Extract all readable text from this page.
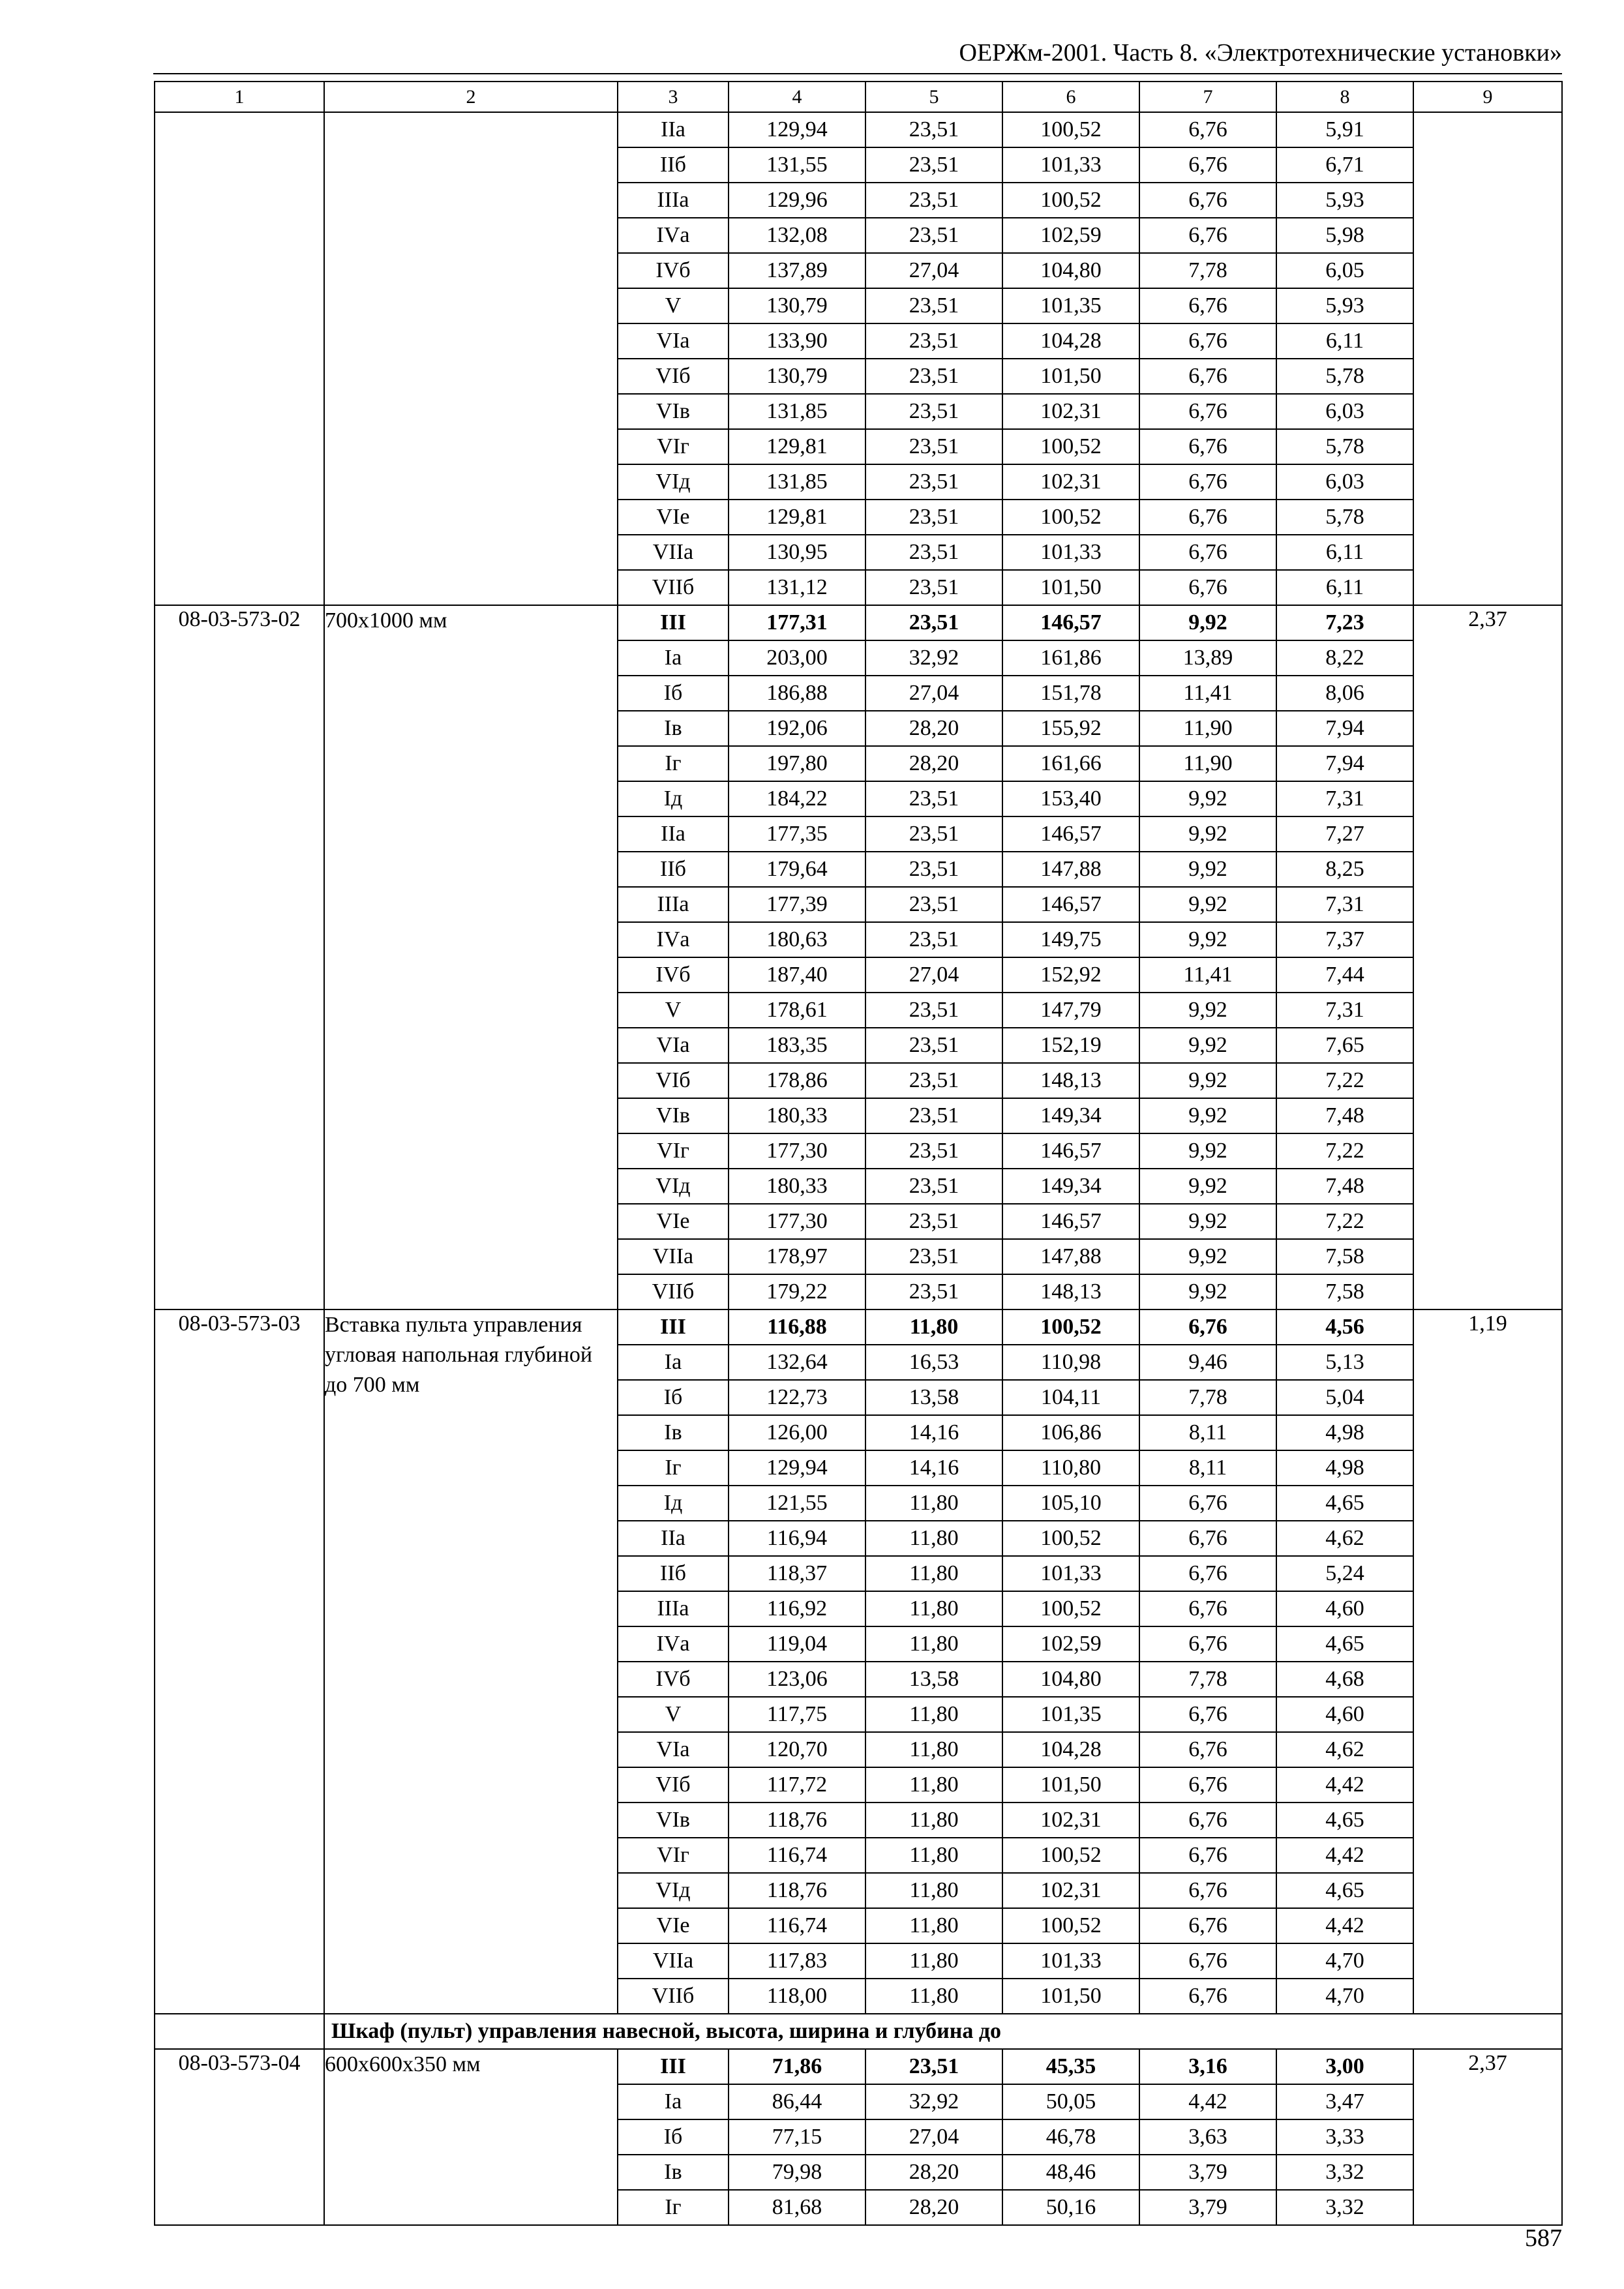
ОЕРЖм-2001. Часть 8. «Электротехнические установки»
1	2	3	4	5	6	7	8	9
		IIа	129,94	23,51	100,52	6,76	5,91	
		IIб	131,55	23,51	101,33	6,76	6,71	
		IIIа	129,96	23,51	100,52	6,76	5,93	
		IVа	132,08	23,51	102,59	6,76	5,98	
		IVб	137,89	27,04	104,80	7,78	6,05	
		V	130,79	23,51	101,35	6,76	5,93	
		VIа	133,90	23,51	104,28	6,76	6,11	
		VIб	130,79	23,51	101,50	6,76	5,78	
		VIв	131,85	23,51	102,31	6,76	6,03	
		VIг	129,81	23,51	100,52	6,76	5,78	
		VIд	131,85	23,51	102,31	6,76	6,03	
		VIе	129,81	23,51	100,52	6,76	5,78	
		VIIа	130,95	23,51	101,33	6,76	6,11	
		VIIб	131,12	23,51	101,50	6,76	6,11	
08-03-573-02	700х1000 мм	III	177,31	23,51	146,57	9,92	7,23	2,37
		Iа	203,00	32,92	161,86	13,89	8,22	
		Iб	186,88	27,04	151,78	11,41	8,06	
		Iв	192,06	28,20	155,92	11,90	7,94	
		Iг	197,80	28,20	161,66	11,90	7,94	
		Iд	184,22	23,51	153,40	9,92	7,31	
		IIа	177,35	23,51	146,57	9,92	7,27	
		IIб	179,64	23,51	147,88	9,92	8,25	
		IIIа	177,39	23,51	146,57	9,92	7,31	
		IVа	180,63	23,51	149,75	9,92	7,37	
		IVб	187,40	27,04	152,92	11,41	7,44	
		V	178,61	23,51	147,79	9,92	7,31	
		VIа	183,35	23,51	152,19	9,92	7,65	
		VIб	178,86	23,51	148,13	9,92	7,22	
		VIв	180,33	23,51	149,34	9,92	7,48	
		VIг	177,30	23,51	146,57	9,92	7,22	
		VIд	180,33	23,51	149,34	9,92	7,48	
		VIе	177,30	23,51	146,57	9,92	7,22	
		VIIа	178,97	23,51	147,88	9,92	7,58	
		VIIб	179,22	23,51	148,13	9,92	7,58	
08-03-573-03	Вставка пульта управления угловая напольная глубиной до 700 мм	III	116,88	11,80	100,52	6,76	4,56	1,19
		Iа	132,64	16,53	110,98	9,46	5,13	
		Iб	122,73	13,58	104,11	7,78	5,04	
		Iв	126,00	14,16	106,86	8,11	4,98	
		Iг	129,94	14,16	110,80	8,11	4,98	
		Iд	121,55	11,80	105,10	6,76	4,65	
		IIа	116,94	11,80	100,52	6,76	4,62	
		IIб	118,37	11,80	101,33	6,76	5,24	
		IIIа	116,92	11,80	100,52	6,76	4,60	
		IVа	119,04	11,80	102,59	6,76	4,65	
		IVб	123,06	13,58	104,80	7,78	4,68	
		V	117,75	11,80	101,35	6,76	4,60	
		VIа	120,70	11,80	104,28	6,76	4,62	
		VIб	117,72	11,80	101,50	6,76	4,42	
		VIв	118,76	11,80	102,31	6,76	4,65	
		VIг	116,74	11,80	100,52	6,76	4,42	
		VIд	118,76	11,80	102,31	6,76	4,65	
		VIе	116,74	11,80	100,52	6,76	4,42	
		VIIа	117,83	11,80	101,33	6,76	4,70	
		VIIб	118,00	11,80	101,50	6,76	4,70	
	Шкаф (пульт) управления навесной, высота, ширина и глубина до							
08-03-573-04	600х600х350 мм	III	71,86	23,51	45,35	3,16	3,00	2,37
		Iа	86,44	32,92	50,05	4,42	3,47	
		Iб	77,15	27,04	46,78	3,63	3,33	
		Iв	79,98	28,20	48,46	3,79	3,32	
		Iг	81,68	28,20	50,16	3,79	3,32	
587
